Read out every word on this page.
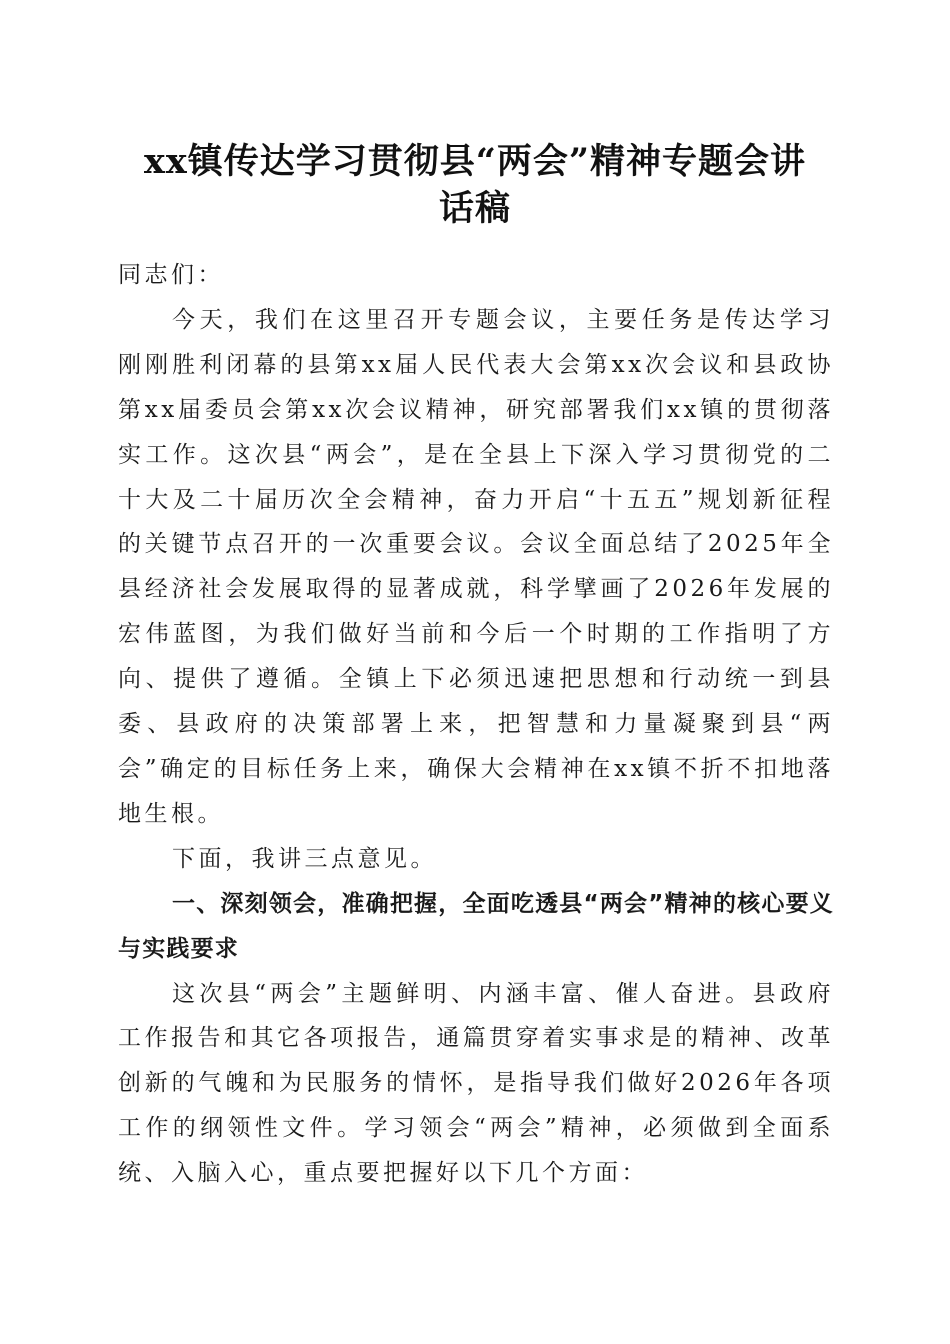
xx镇传达学习贯彻县“两会”精神专题会讲
话稿

同志们：

今天，我们在这里召开专题会议，主要任务是传达学习刚刚胜利闭幕的县第xx届人民代表大会第xx次会议和县政协第xx届委员会第xx次会议精神，研究部署我们xx镇的贯彻落实工作。这次县“两会”，是在全县上下深入学习贯彻党的二十大及二十届历次全会精神，奋力开启“十五五”规划新征程的关键节点召开的一次重要会议。会议全面总结了2025年全县经济社会发展取得的显著成就，科学擘画了2026年发展的宏伟蓝图，为我们做好当前和今后一个时期的工作指明了方向、提供了遵循。全镇上下必须迅速把思想和行动统一到县委、县政府的决策部署上来，把智慧和力量凝聚到县“两会”确定的目标任务上来，确保大会精神在xx镇不折不扣地落地生根。

下面，我讲三点意见。

一、深刻领会，准确把握，全面吃透县“两会”精神的核心要义与实践要求

这次县“两会”主题鲜明、内涵丰富、催人奋进。县政府工作报告和其它各项报告，通篇贯穿着实事求是的精神、改革创新的气魄和为民服务的情怀，是指导我们做好2026年各项工作的纲领性文件。学习领会“两会”精神，必须做到全面系统、入脑入心，重点要把握好以下几个方面：
